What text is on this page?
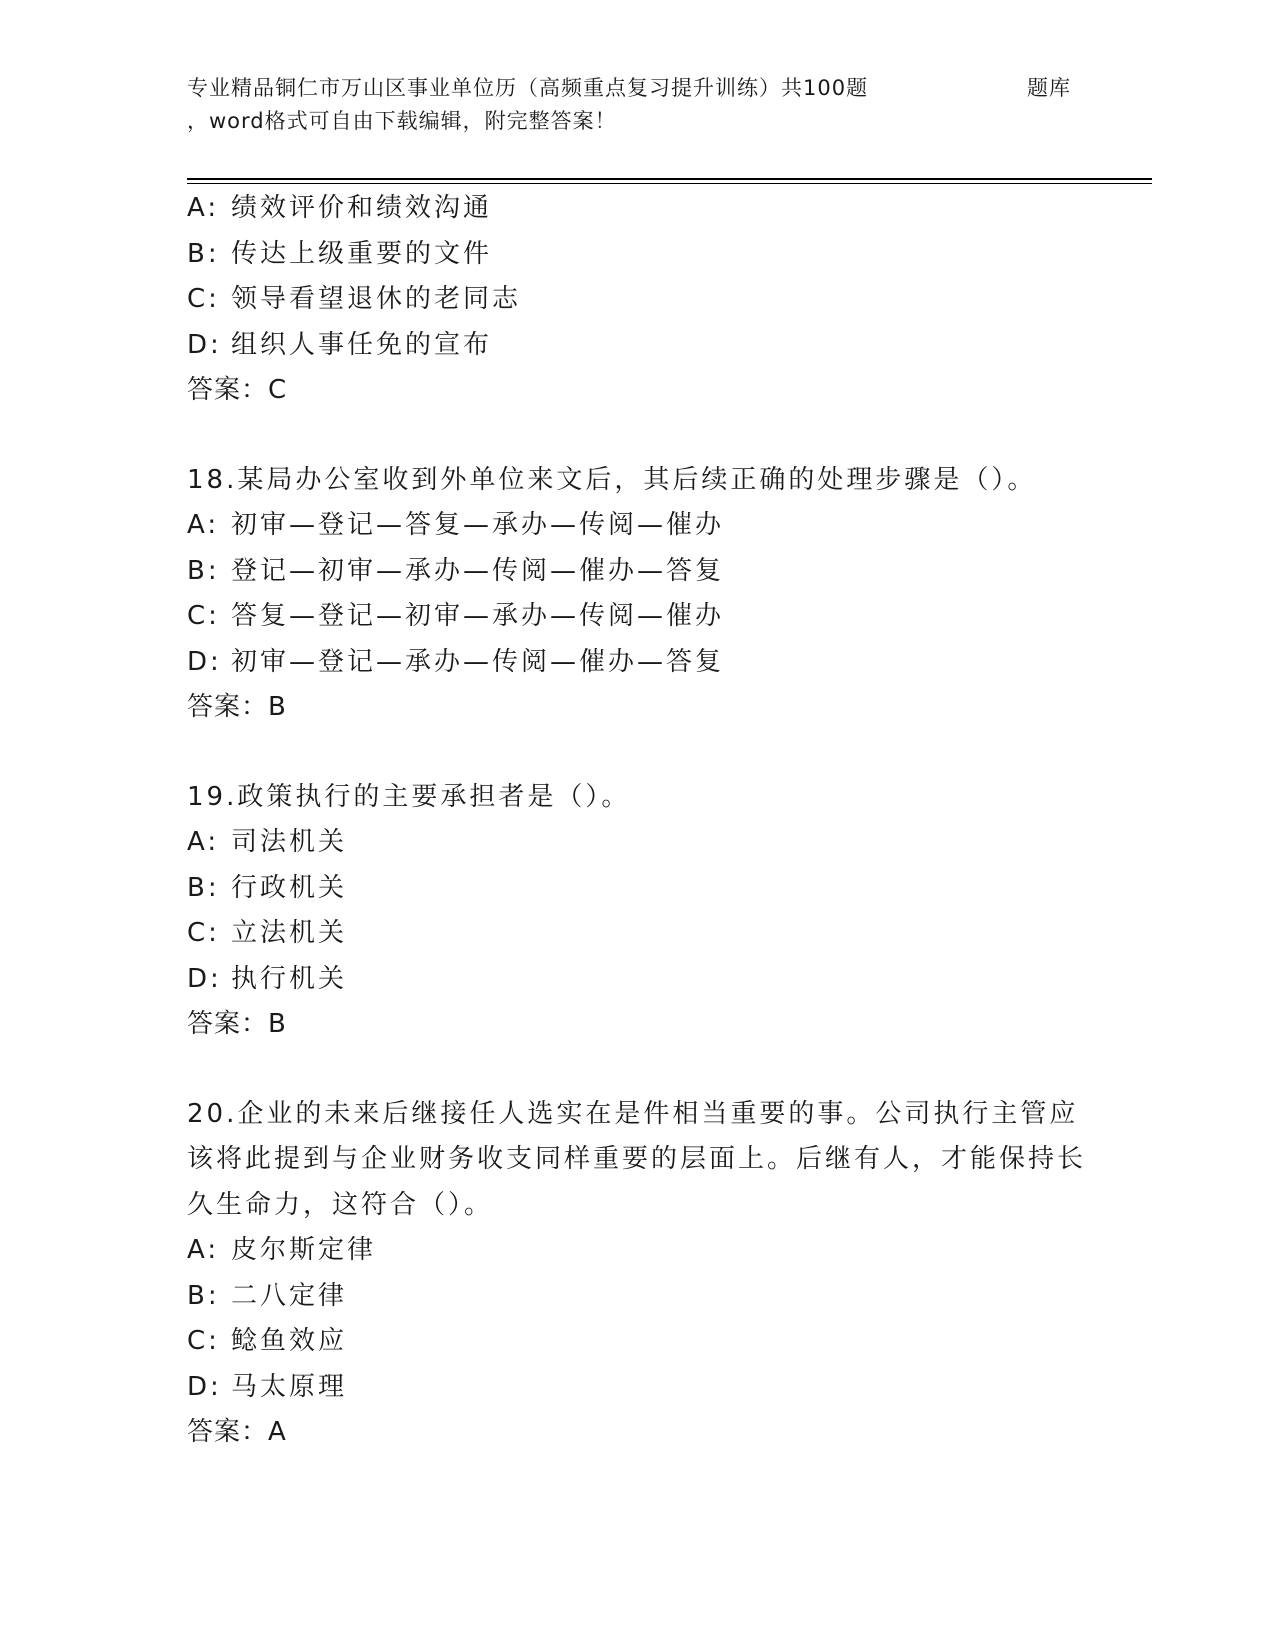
专业精品铜仁市万山区事业单位历（高频重点复习提升训练）共100题	题库
，word格式可自由下载编辑，附完整答案！
A: 绩效评价和绩效沟通
B: 传达上级重要的文件
C: 领导看望退休的老同志
D: 组织人事任免的宣布
答案：C
18.某局办公室收到外单位来文后，其后续正确的处理步骤是（）。
A: 初审—登记—答复—承办—传阅—催办
B: 登记—初审—承办—传阅—催办—答复
C: 答复—登记—初审—承办—传阅—催办
D: 初审—登记—承办—传阅—催办—答复
答案：B
19.政策执行的主要承担者是（）。
A: 司法机关
B: 行政机关
C: 立法机关
D: 执行机关
答案：B
20.企业的未来后继接任人选实在是件相当重要的事。公司执行主管应该将此提到与企业财务收支同样重要的层面上。后继有人，才能保持长久生命力，这符合（）。
A: 皮尔斯定律
B: 二八定律
C: 鲶鱼效应
D: 马太原理
答案：A
